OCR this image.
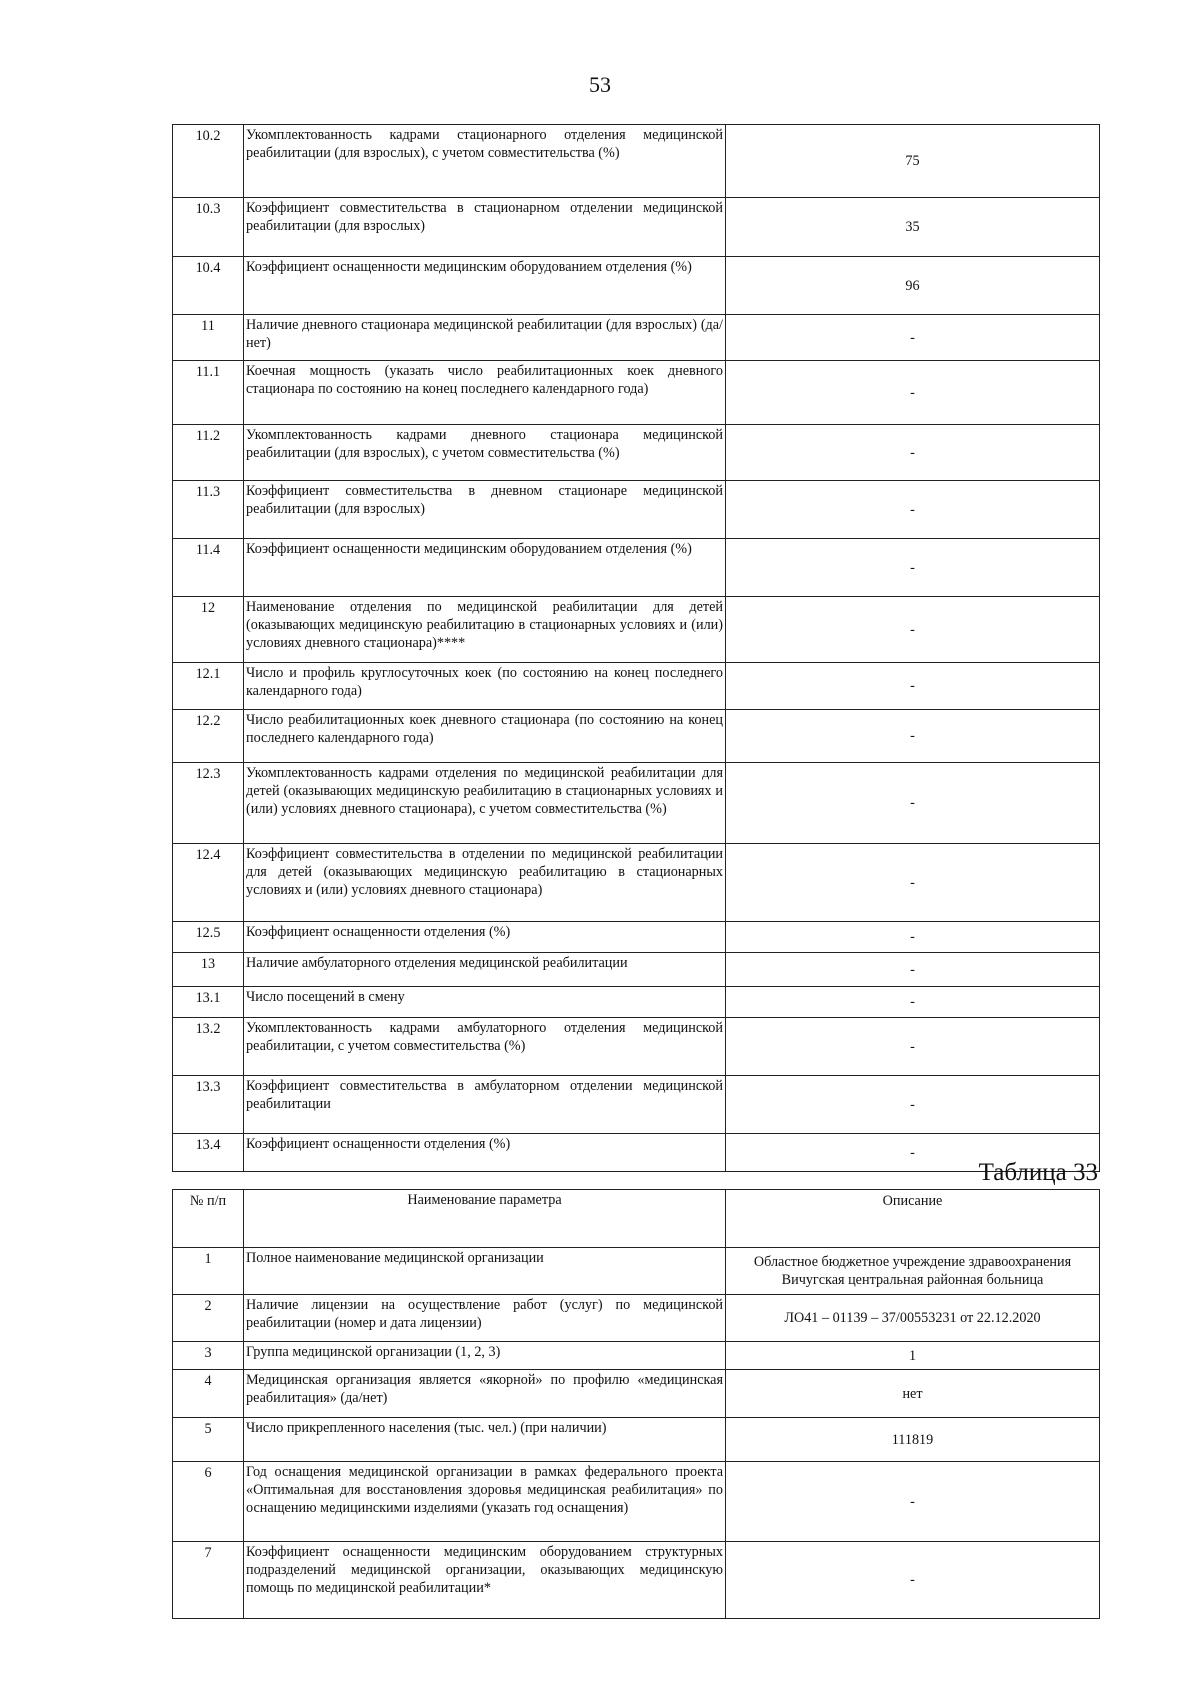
53
10.2	Укомплектованность кадрами стационарного отделения медицинской реабилитации (для взрослых), с учетом совместительства (%)	75
10.3	Коэффициент совместительства в стационарном отделении медицинской реабилитации (для взрослых)	35
10.4	Коэффициент оснащенности медицинским оборудованием отделения (%)	96
11	Наличие дневного стационара медицинской реабилитации (для взрослых) (да/нет)	-
11.1	Коечная мощность (указать число реабилитационных коек дневного стационара по состоянию на конец последнего календарного года)	-
11.2	Укомплектованность кадрами дневного стационара медицинской реабилитации (для взрослых), с учетом совместительства (%)	-
11.3	Коэффициент совместительства в дневном стационаре медицинской реабилитации (для взрослых)	-
11.4	Коэффициент оснащенности медицинским оборудованием отделения (%)	-
12	Наименование отделения по медицинской реабилитации для детей (оказывающих медицинскую реабилитацию в стационарных условиях и (или) условиях дневного стационара)****	-
12.1	Число и профиль круглосуточных коек (по состоянию на конец последнего календарного года)	-
12.2	Число реабилитационных коек дневного стационара (по состоянию на конец последнего календарного года)	-
12.3	Укомплектованность кадрами отделения по медицинской реабилитации для детей (оказывающих медицинскую реабилитацию в стационарных условиях и (или) условиях дневного стационара), с учетом совместительства (%)	-
12.4	Коэффициент совместительства в отделении по медицинской реабилитации для детей (оказывающих медицинскую реабилитацию в стационарных условиях и (или) условиях дневного стационара)	-
12.5	Коэффициент оснащенности отделения (%)	-
13	Наличие амбулаторного отделения медицинской реабилитации	-
13.1	Число посещений в смену	-
13.2	Укомплектованность кадрами амбулаторного отделения медицинской реабилитации, с учетом совместительства (%)	-
13.3	Коэффициент совместительства в амбулаторном отделении медицинской реабилитации	-
13.4	Коэффициент оснащенности отделения (%)	-
Таблица 33
№ п/п	Наименование параметра	Описание
1	Полное наименование медицинской организации	Областное бюджетное учреждение здравоохранения Вичугская центральная районная больница
2	Наличие лицензии на осуществление работ (услуг) по медицинской реабилитации (номер и дата лицензии)	ЛО41 – 01139 – 37/00553231 от 22.12.2020
3	Группа медицинской организации (1, 2, 3)	1
4	Медицинская организация является «якорной» по профилю «медицинская реабилитация» (да/нет)	нет
5	Число прикрепленного населения (тыс. чел.) (при наличии)	111819
6	Год оснащения медицинской организации в рамках федерального проекта «Оптимальная для восстановления здоровья медицинская реабилитация» по оснащению медицинскими изделиями (указать год оснащения)	-
7	Коэффициент оснащенности медицинским оборудованием структурных подразделений медицинской организации, оказывающих медицинскую помощь по медицинской реабилитации*	-
